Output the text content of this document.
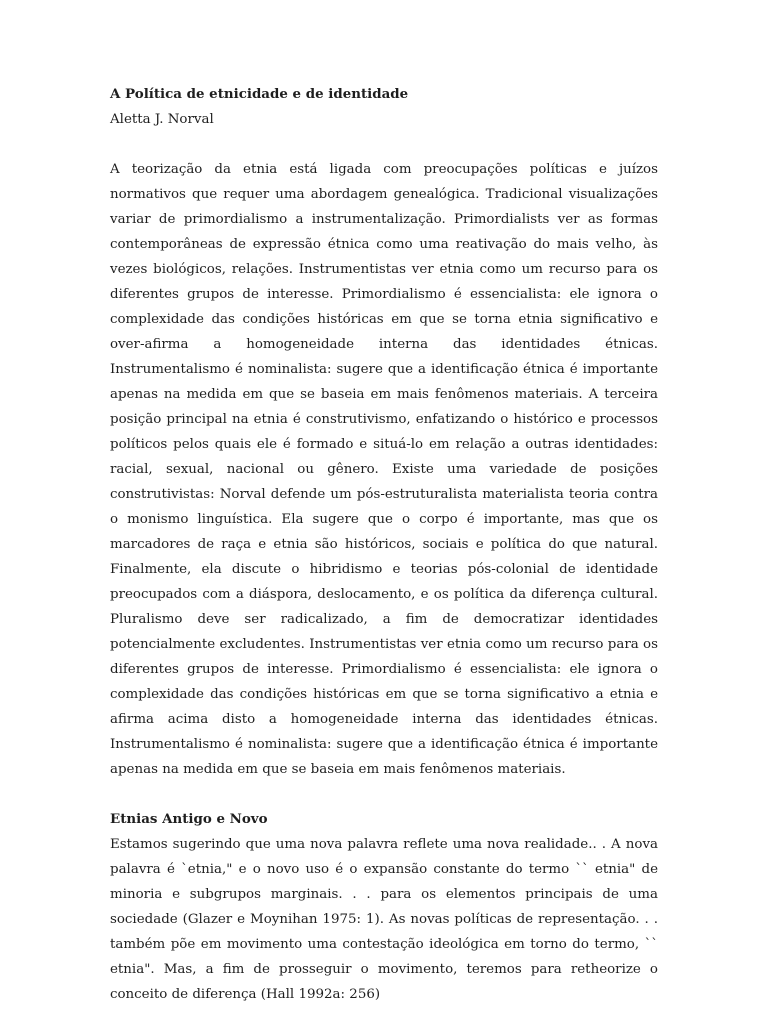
A Política de etnicidade e de identidade

Aletta J. Norval

A teorização da etnia está ligada com preocupações políticas e juízos normativos que requer uma abordagem genealógica. Tradicional visualizações variar de primordialismo a instrumentalização. Primordialists ver as formas contemporâneas de expressão étnica como uma reativação do mais velho, às vezes biológicos, relações. Instrumentistas ver etnia como um recurso para os diferentes grupos de interesse. Primordialismo é essencialista: ele ignora o complexidade das condições históricas em que se torna etnia significativo e over-afirma a homogeneidade interna das identidades étnicas. Instrumentalismo é nominalista: sugere que a identificação étnica é importante apenas na medida em que se baseia em mais fenômenos materiais. A terceira posição principal na etnia é construtivismo, enfatizando o histórico e processos políticos pelos quais ele é formado e situá-lo em relação a outras identidades: racial, sexual, nacional ou gênero. Existe uma variedade de posições construtivistas: Norval defende um pós-estruturalista materialista teoria contra o monismo linguística. Ela sugere que o corpo é importante, mas que os marcadores de raça e etnia são históricos, sociais e política do que natural. Finalmente, ela discute o hibridismo e teorias pós-colonial de identidade preocupados com a diáspora, deslocamento, e os política da diferença cultural. Pluralismo deve ser radicalizado, a fim de democratizar identidades potencialmente excludentes. Instrumentistas ver etnia como um recurso para os diferentes grupos de interesse. Primordialismo é essencialista: ele ignora o complexidade das condições históricas em que se torna significativo a etnia e afirma acima disto a homogeneidade interna das identidades étnicas. Instrumentalismo é nominalista: sugere que a identificação étnica é importante apenas na medida em que se baseia em mais fenômenos materiais.

Etnias Antigo e Novo

Estamos sugerindo que uma nova palavra reflete uma nova realidade.. . A nova palavra é `etnia," e o novo uso é o expansão constante do termo `` etnia" de minoria e subgrupos marginais. . . para os elementos principais de uma sociedade (Glazer e Moynihan 1975: 1). As novas políticas de representação. . . também põe em movimento uma contestação ideológica em torno do termo, `` etnia". Mas, a fim de prosseguir o movimento, teremos para retheorize o conceito de diferença (Hall 1992a: 256)
